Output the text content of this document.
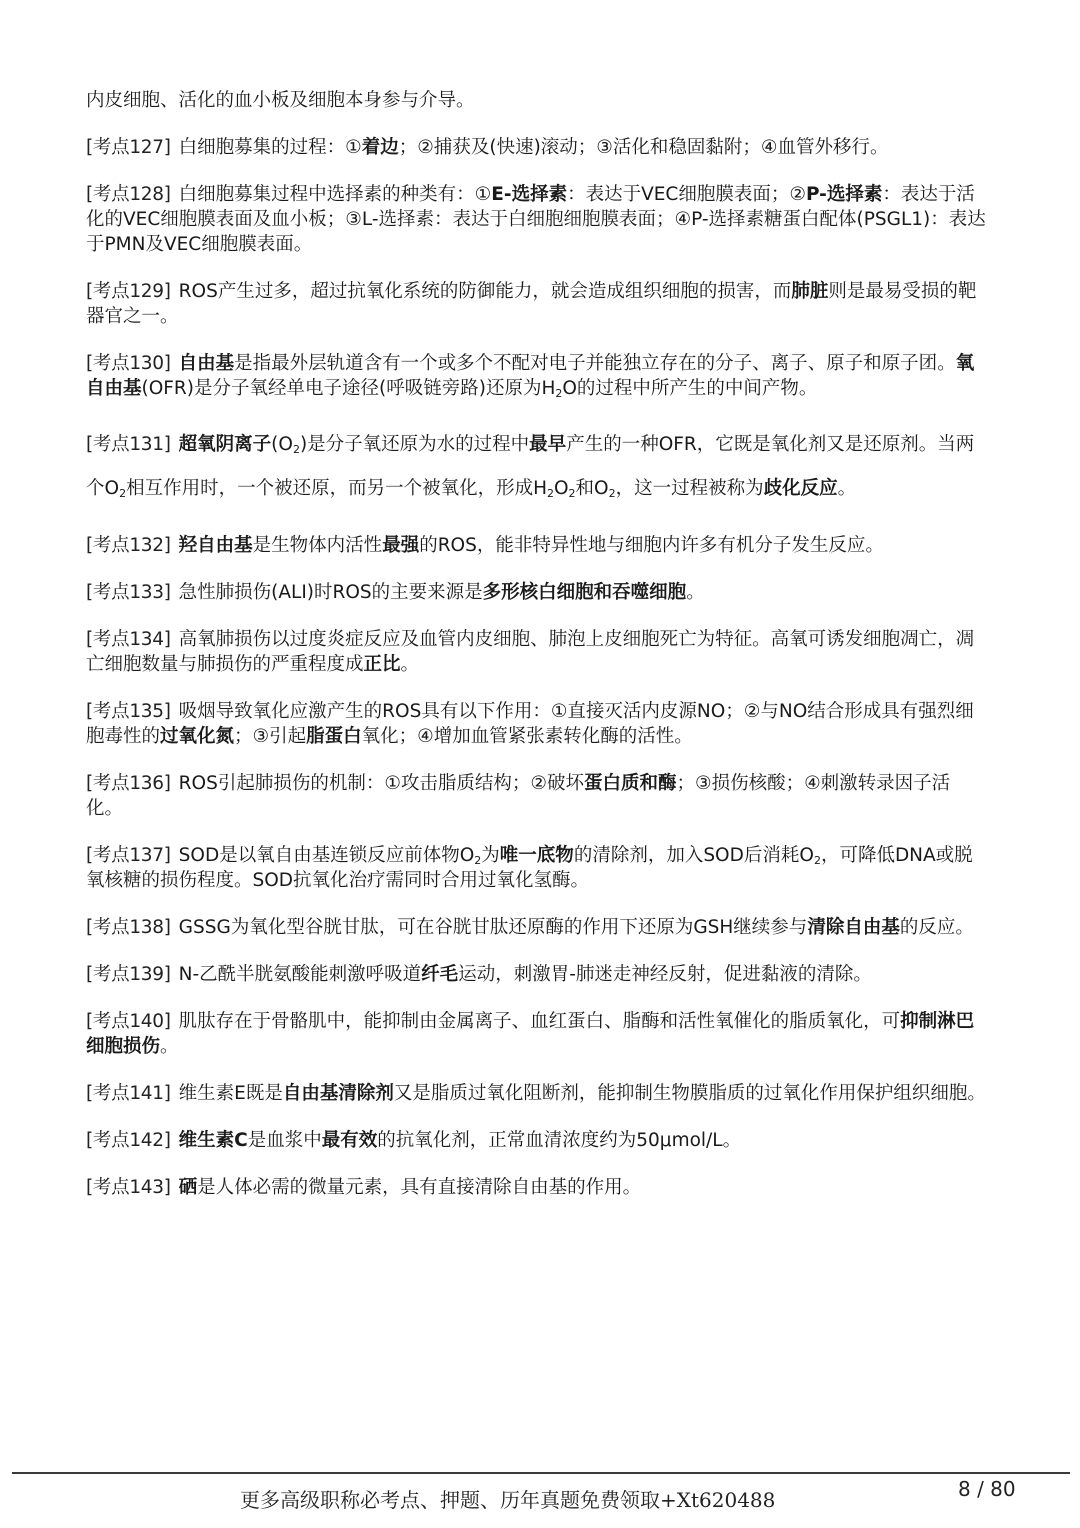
内皮细胞、活化的血小板及细胞本身参与介导。

[考点127] 白细胞募集的过程：①着边；②捕获及(快速)滚动；③活化和稳固黏附；④血管外移行。

[考点128] 白细胞募集过程中选择素的种类有：①E-选择素：表达于VEC细胞膜表面；②P-选择素：表达于活化的VEC细胞膜表面及血小板；③L-选择素：表达于白细胞细胞膜表面；④P-选择素糖蛋白配体(PSGL1)：表达于PMN及VEC细胞膜表面。

[考点129] ROS产生过多，超过抗氧化系统的防御能力，就会造成组织细胞的损害，而肺脏则是最易受损的靶器官之一。

[考点130] 自由基是指最外层轨道含有一个或多个不配对电子并能独立存在的分子、离子、原子和原子团。氧自由基(OFR)是分子氧经单电子途径(呼吸链旁路)还原为$H_2O$的过程中所产生的中间产物。

[考点131] 超氧阴离子$(O_2)$是分子氧还原为水的过程中最早产生的一种OFR，它既是氧化剂又是还原剂。当两个$O_2$相互作用时，一个被还原，而另一个被氧化，形成$H_2O_2$和$O_2$，这一过程被称为歧化反应。

[考点132] 羟自由基是生物体内活性最强的ROS，能非特异性地与细胞内许多有机分子发生反应。

[考点133] 急性肺损伤(ALI)时ROS的主要来源是多形核白细胞和吞噬细胞。

[考点134] 高氧肺损伤以过度炎症反应及血管内皮细胞、肺泡上皮细胞死亡为特征。高氧可诱发细胞凋亡，凋亡细胞数量与肺损伤的严重程度成正比。

[考点135] 吸烟导致氧化应激产生的ROS具有以下作用：①直接灭活内皮源NO；②与NO结合形成具有强烈细胞毒性的过氧化氮；③引起脂蛋白氧化；④增加血管紧张素转化酶的活性。

[考点136] ROS引起肺损伤的机制：①攻击脂质结构；②破坏蛋白质和酶；③损伤核酸；④刺激转录因子活化。

[考点137] SOD是以氧自由基连锁反应前体物$O_2$为唯一底物的清除剂，加入SOD后消耗$O_2$，可降低DNA或脱氧核糖的损伤程度。SOD抗氧化治疗需同时合用过氧化氢酶。

[考点138] GSSG为氧化型谷胱甘肽，可在谷胱甘肽还原酶的作用下还原为GSH继续参与清除自由基的反应。

[考点139] N-乙酰半胱氨酸能刺激呼吸道纤毛运动，刺激胃-肺迷走神经反射，促进黏液的清除。

[考点140] 肌肽存在于骨骼肌中，能抑制由金属离子、血红蛋白、脂酶和活性氧催化的脂质氧化，可抑制淋巴细胞损伤。

[考点141] 维生素E既是自由基清除剂又是脂质过氧化阻断剂，能抑制生物膜脂质的过氧化作用保护组织细胞。

[考点142] 维生素C是血浆中最有效的抗氧化剂，正常血清浓度约为50μmol/L。

[考点143] 硒是人体必需的微量元素，具有直接清除自由基的作用。

更多高级职称必考点、押题、历年真题免费领取+Xt620488	8 / 80
